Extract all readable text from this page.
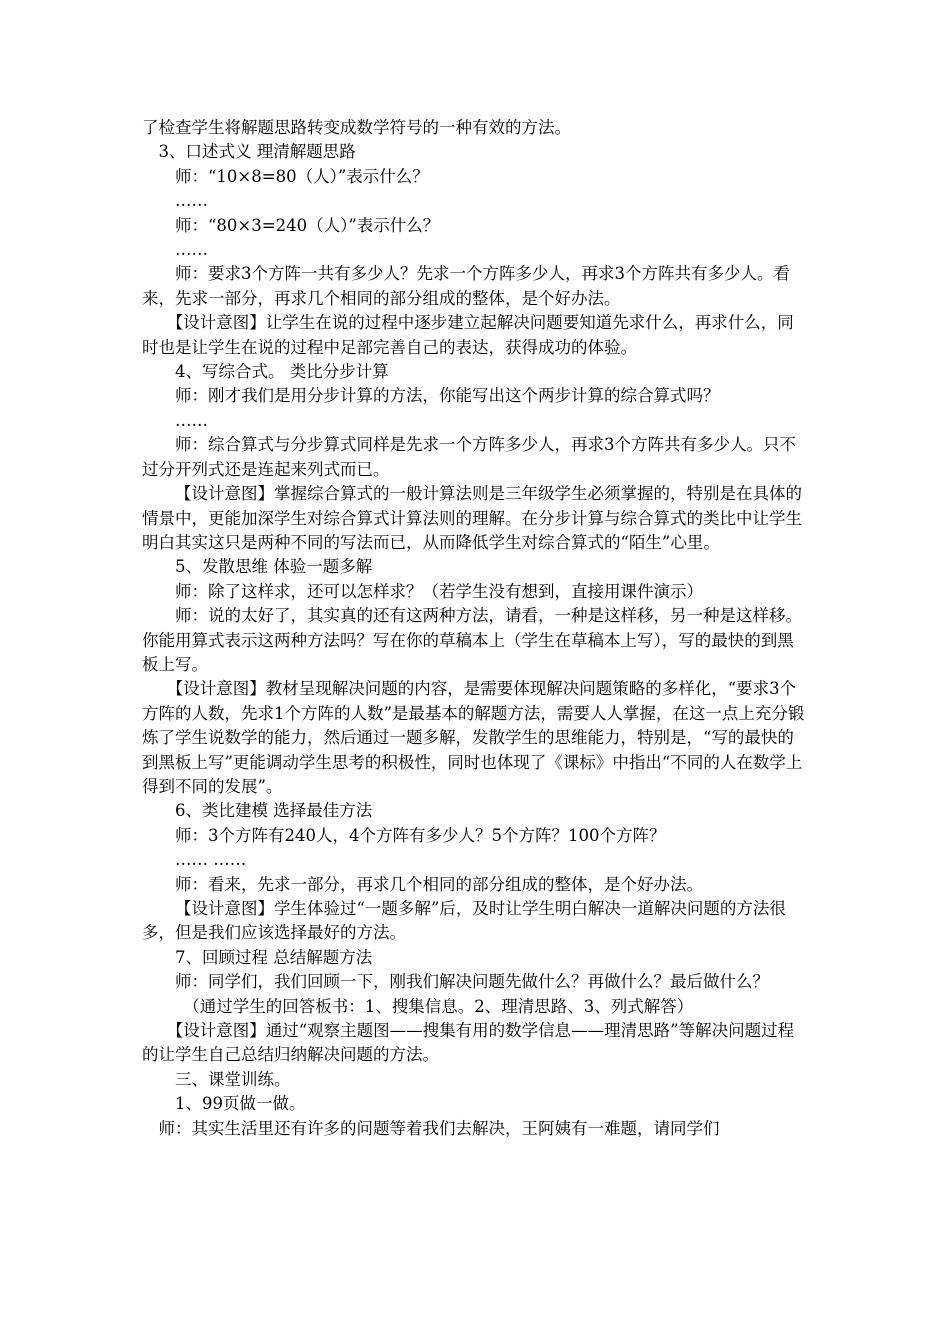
了检查学生将解题思路转变成数学符号的一种有效的方法。

3、口述式义 理清解题思路

师：“10×8=80（人）”表示什么？

……

师：“80×3=240（人）”表示什么？

……

师：要求3个方阵一共有多少人？先求一个方阵多少人，再求3个方阵共有多少人。看来，先求一部分，再求几个相同的部分组成的整体，是个好办法。

【设计意图】让学生在说的过程中逐步建立起解决问题要知道先求什么，再求什么，同时也是让学生在说的过程中足部完善自己的表达，获得成功的体验。

4、写综合式。 类比分步计算

师：刚才我们是用分步计算的方法，你能写出这个两步计算的综合算式吗？

……

师：综合算式与分步算式同样是先求一个方阵多少人，再求3个方阵共有多少人。只不过分开列式还是连起来列式而已。

【设计意图】掌握综合算式的一般计算法则是三年级学生必须掌握的，特别是在具体的情景中，更能加深学生对综合算式计算法则的理解。在分步计算与综合算式的类比中让学生明白其实这只是两种不同的写法而已，从而降低学生对综合算式的“陌生”心里。

5、发散思维 体验一题多解

师：除了这样求，还可以怎样求？（若学生没有想到，直接用课件演示）

师：说的太好了，其实真的还有这两种方法，请看，一种是这样移，另一种是这样移。你能用算式表示这两种方法吗？写在你的草稿本上（学生在草稿本上写），写的最快的到黑板上写。

【设计意图】教材呈现解决问题的内容，是需要体现解决问题策略的多样化，“要求3个方阵的人数，先求1个方阵的人数”是最基本的解题方法，需要人人掌握，在这一点上充分锻炼了学生说数学的能力，然后通过一题多解，发散学生的思维能力，特别是，“写的最快的到黑板上写”更能调动学生思考的积极性，同时也体现了《课标》中指出“不同的人在数学上得到不同的发展”。

6、类比建模 选择最佳方法

师：3个方阵有240人，4个方阵有多少人？5个方阵？100个方阵？

…… ……

师：看来，先求一部分，再求几个相同的部分组成的整体，是个好办法。

【设计意图】学生体验过“一题多解”后，及时让学生明白解决一道解决问题的方法很多，但是我们应该选择最好的方法。

7、回顾过程 总结解题方法

师：同学们，我们回顾一下，刚我们解决问题先做什么？再做什么？最后做什么？

（通过学生的回答板书：1、搜集信息。2、理清思路、3、列式解答）

【设计意图】通过“观察主题图——搜集有用的数学信息——理清思路”等解决问题过程的让学生自己总结归纳解决问题的方法。

三、课堂训练。

1、99页做一做。

师：其实生活里还有许多的问题等着我们去解决，王阿姨有一难题，请同学们
